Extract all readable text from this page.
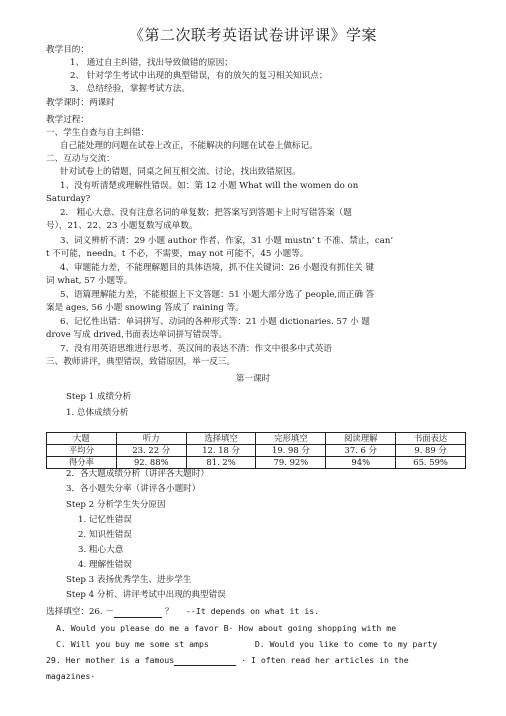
《第二次联考英语试卷讲评课》学案
教学目的：
1、 通过自主纠错，找出导致做错的原因；
2、 针对学生考试中出现的典型错误，有的放矢的复习相关知识点；
3、 总结经验，掌握考试方法。
教学课时：两课时
教学过程：
一、学生自查与自主纠错：
自己能处理的问题在试卷上改正，不能解决的问题在试卷上做标记。
二、互动与交流：
针对试卷上的错题，同桌之间互相交流、讨论，找出致错原因。
1、没有听清楚或理解性错误。如：第 12 小题 What will the women do on
Saturday?
2． 粗心大意、没有注意名词的单复数；把答案写到答题卡上时写错答案（题
号），21、22、23 小题复数写成单数。
3、词义辨析不清：29 小题 author 作者、作家，31 小题 mustn’ t 不准、禁止，can’
t 不可能，needn。t 不必，不需要，may not 可能不，45 小题等。
4、审题能力差，不能理解题目的具体语境，抓不住关键词：26 小题没有抓住关 键
词 what, 57 小题等。
5、语篇理解能力差，不能根据上下文答题：51 小题大部分选了 people,而正确 答
案是 ages, 56 小题 snowing 答成了 raining 等。
6、记忆性出错：单词拼写、动词的各种形式等：21 小题 dictionaries. 57 小 题
drove 写成 drived,书面表达单词拼写错误等。
7、没有用英语思维进行思考、英汉间的表达不清：作文中很多中式英语
三、教师讲评，典型错误，致错原因，举一反三。
第一课时
Step 1 成绩分析
1. 总体成绩分析
大题	听力	选择填空	完形填空	阅读理解	书面表达
平均分	23. 22 分	12. 18 分	19. 98 分	37. 6 分	9. 89 分
得分率	92. 88%	81. 2%	79. 92%	94%	65. 59%
2．各大题成绩分析（讲评各大题时）
3．各小题失分率（讲评各小题时）
Step 2 分析学生失分原因
1. 记忆性错误
2. 知识性错误
3. 粗心大意
4. 理解性错误
Step 3 表扬优秀学生、进步学生
Step 4 分析、讲评考试中出现的典型错误
选择填空：26. －	？ --It depends on what it is.
A. Would you please do me a favor B· How about going shopping with me
C. Will you buy me some st amps	D. Would you like to come to my party
29. Her mother is a famous	· I often read her articles in the
magazines·
